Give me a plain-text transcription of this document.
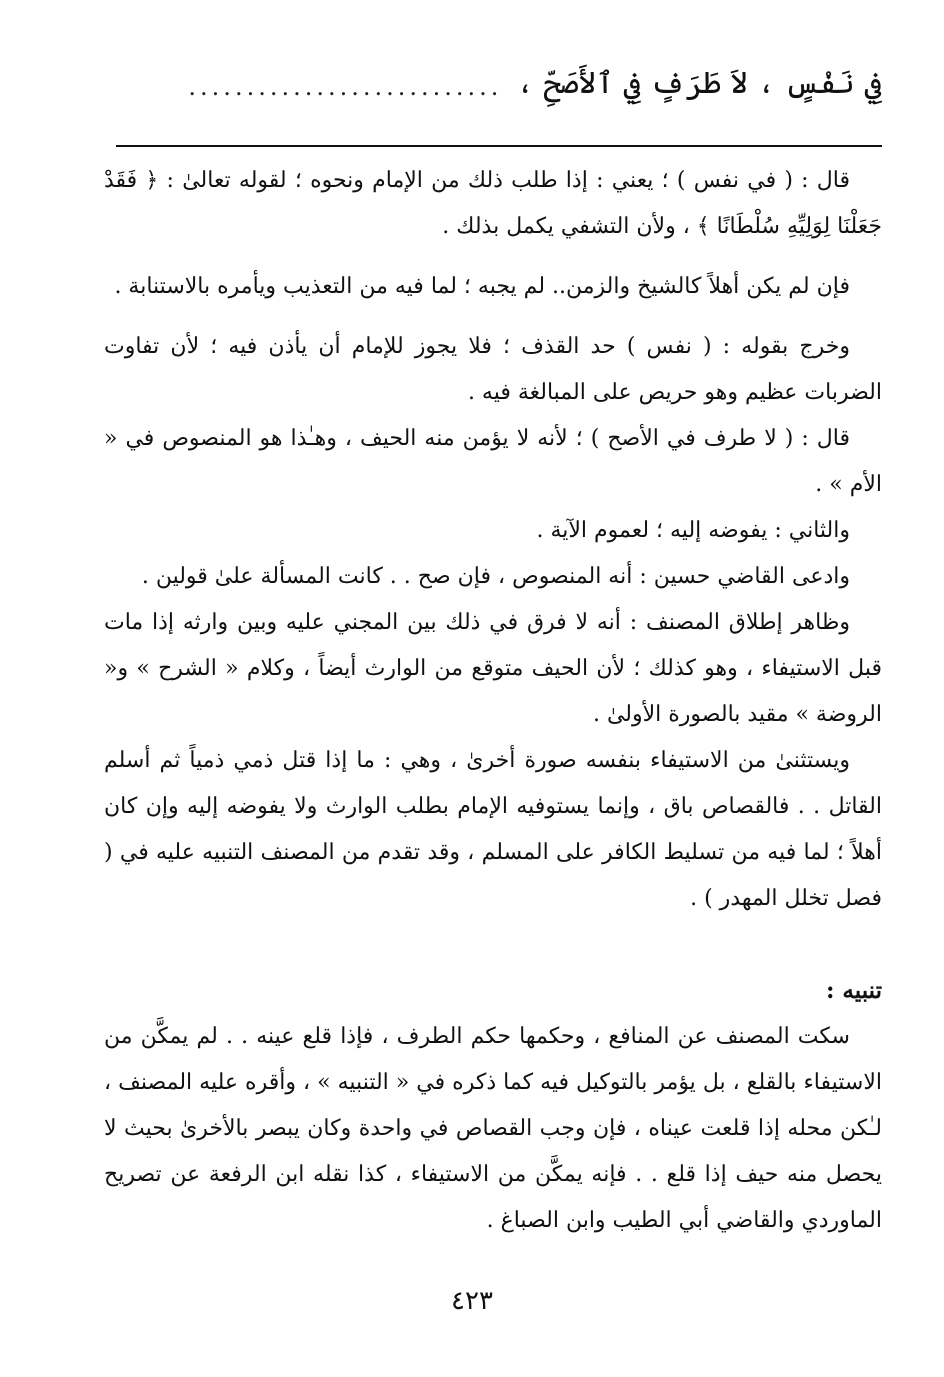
فِي نَفْسٍ ، لاَ طَرَفٍ فِي ٱلأَصَحِّ ،
...........................

قال : ( في نفس ) ؛ يعني : إذا طلب ذلك من الإمام ونحوه ؛ لقوله تعالىٰ : ﴿ فَقَدْ جَعَلْنَا لِوَلِيِّهِ سُلْطَانًا ﴾ ، ولأن التشفي يكمل بذلك .

فإن لم يكن أهلاً كالشيخ والزمن.. لم يجبه ؛ لما فيه من التعذيب ويأمره بالاستنابة .

وخرج بقوله : ( نفس ) حد القذف ؛ فلا يجوز للإمام أن يأذن فيه ؛ لأن تفاوت الضربات عظيم وهو حريص على المبالغة فيه .

قال : ( لا طرف في الأصح ) ؛ لأنه لا يؤمن منه الحيف ، وهـٰذا هو المنصوص في « الأم » .

والثاني : يفوضه إليه ؛ لعموم الآية .

وادعى القاضي حسين : أنه المنصوص ، فإن صح . . كانت المسألة علىٰ قولين .

وظاهر إطلاق المصنف : أنه لا فرق في ذلك بين المجني عليه وبين وارثه إذا مات قبل الاستيفاء ، وهو كذلك ؛ لأن الحيف متوقع من الوارث أيضاً ، وكلام « الشرح » و« الروضة » مقيد بالصورة الأولىٰ .

ويستثنىٰ من الاستيفاء بنفسه صورة أخرىٰ ، وهي : ما إذا قتل ذمي ذمياً ثم أسلم القاتل . . فالقصاص باق ، وإنما يستوفيه الإمام بطلب الوارث ولا يفوضه إليه وإن كان أهلاً ؛ لما فيه من تسليط الكافر على المسلم ، وقد تقدم من المصنف التنبيه عليه في ( فصل تخلل المهدر ) .

تنبيه :

سكت المصنف عن المنافع ، وحكمها حكم الطرف ، فإذا قلع عينه . . لم يمكَّن من الاستيفاء بالقلع ، بل يؤمر بالتوكيل فيه كما ذكره في « التنبيه » ، وأقره عليه المصنف ، لـٰكن محله إذا قلعت عيناه ، فإن وجب القصاص في واحدة وكان يبصر بالأخرىٰ بحيث لا يحصل منه حيف إذا قلع . . فإنه يمكَّن من الاستيفاء ، كذا نقله ابن الرفعة عن تصريح الماوردي والقاضي أبي الطيب وابن الصباغ .

٤٢٣
